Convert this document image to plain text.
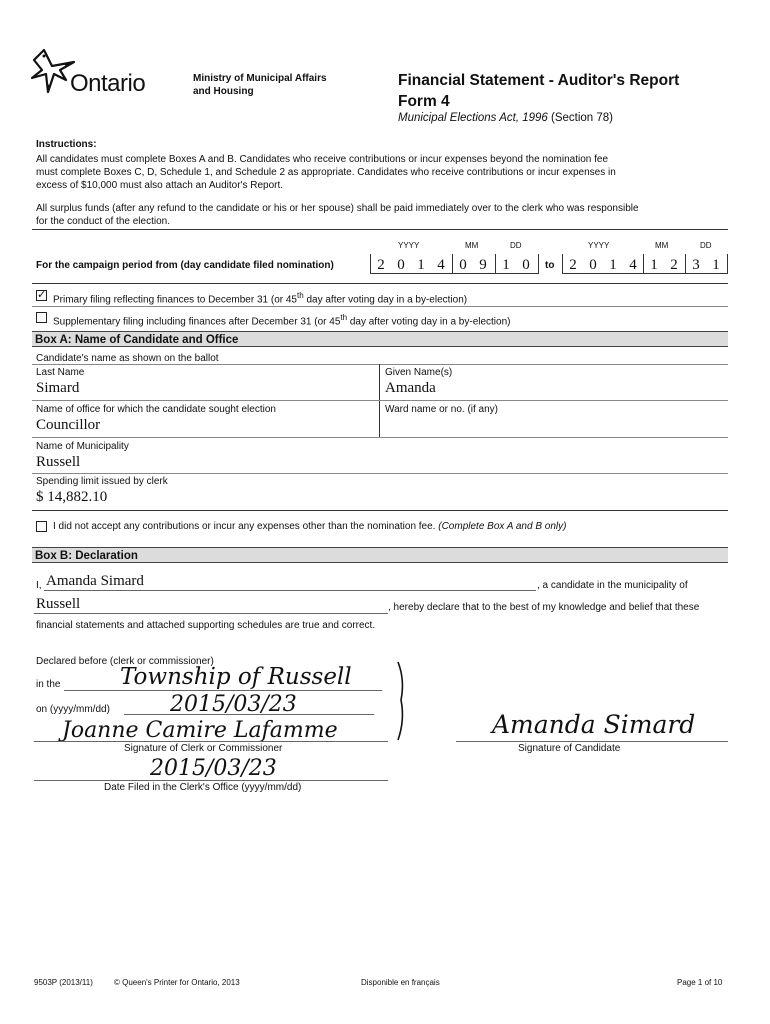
Ontario	Ministry of Municipal Affairs
and Housing
Financial Statement - Auditor's Report
Form 4
Municipal Elections Act, 1996 (Section 78)
Instructions:
All candidates must complete Boxes A and B. Candidates who receive contributions or incur expenses beyond the nomination fee
must complete Boxes C, D, Schedule 1, and Schedule 2 as appropriate. Candidates who receive contributions or incur expenses in
excess of $10,000 must also attach an Auditor's Report.
All surplus funds (after any refund to the candidate or his or her spouse) shall be paid immediately over to the clerk who was responsible
for the conduct of the election.
YYYY	MM	DD	YYYY	MM	DD
For the campaign period from (day candidate filed nomination)	2 0 1 4 0 9 1 0	to 2 0 1 4 1 2 3 1
✓ Primary filing reflecting finances to December 31 (or 45th day after voting day in a by-election)
Supplementary filing including finances after December 31 (or 45th day after voting day in a by-election)
Box A: Name of Candidate and Office
Candidate's name as shown on the ballot
Last Name
Simard
Given Name(s)
Amanda
Name of office for which the candidate sought election
Councillor
Ward name or no. (if any)
Name of Municipality
Russell
Spending limit issued by clerk
$ 14,882.10
I did not accept any contributions or incur any expenses other than the nomination fee. (Complete Box A and B only)
Box B: Declaration
I, Amanda Simard	, a candidate in the municipality of
Russell	, hereby declare that to the best of my knowledge and belief that these
financial statements and attached supporting schedules are true and correct.
Declared before (clerk or commissioner)
in the	Township of Russell
on (yyyy/mm/dd)	2015/03/23
Joanne Camire Lafamme
Signature of Clerk or Commissioner
Amanda Simard
Signature of Candidate
2015/03/23
Date Filed in the Clerk's Office (yyyy/mm/dd)
9503P (2013/11)	© Queen's Printer for Ontario, 2013	Disponible en français	Page 1 of 10
